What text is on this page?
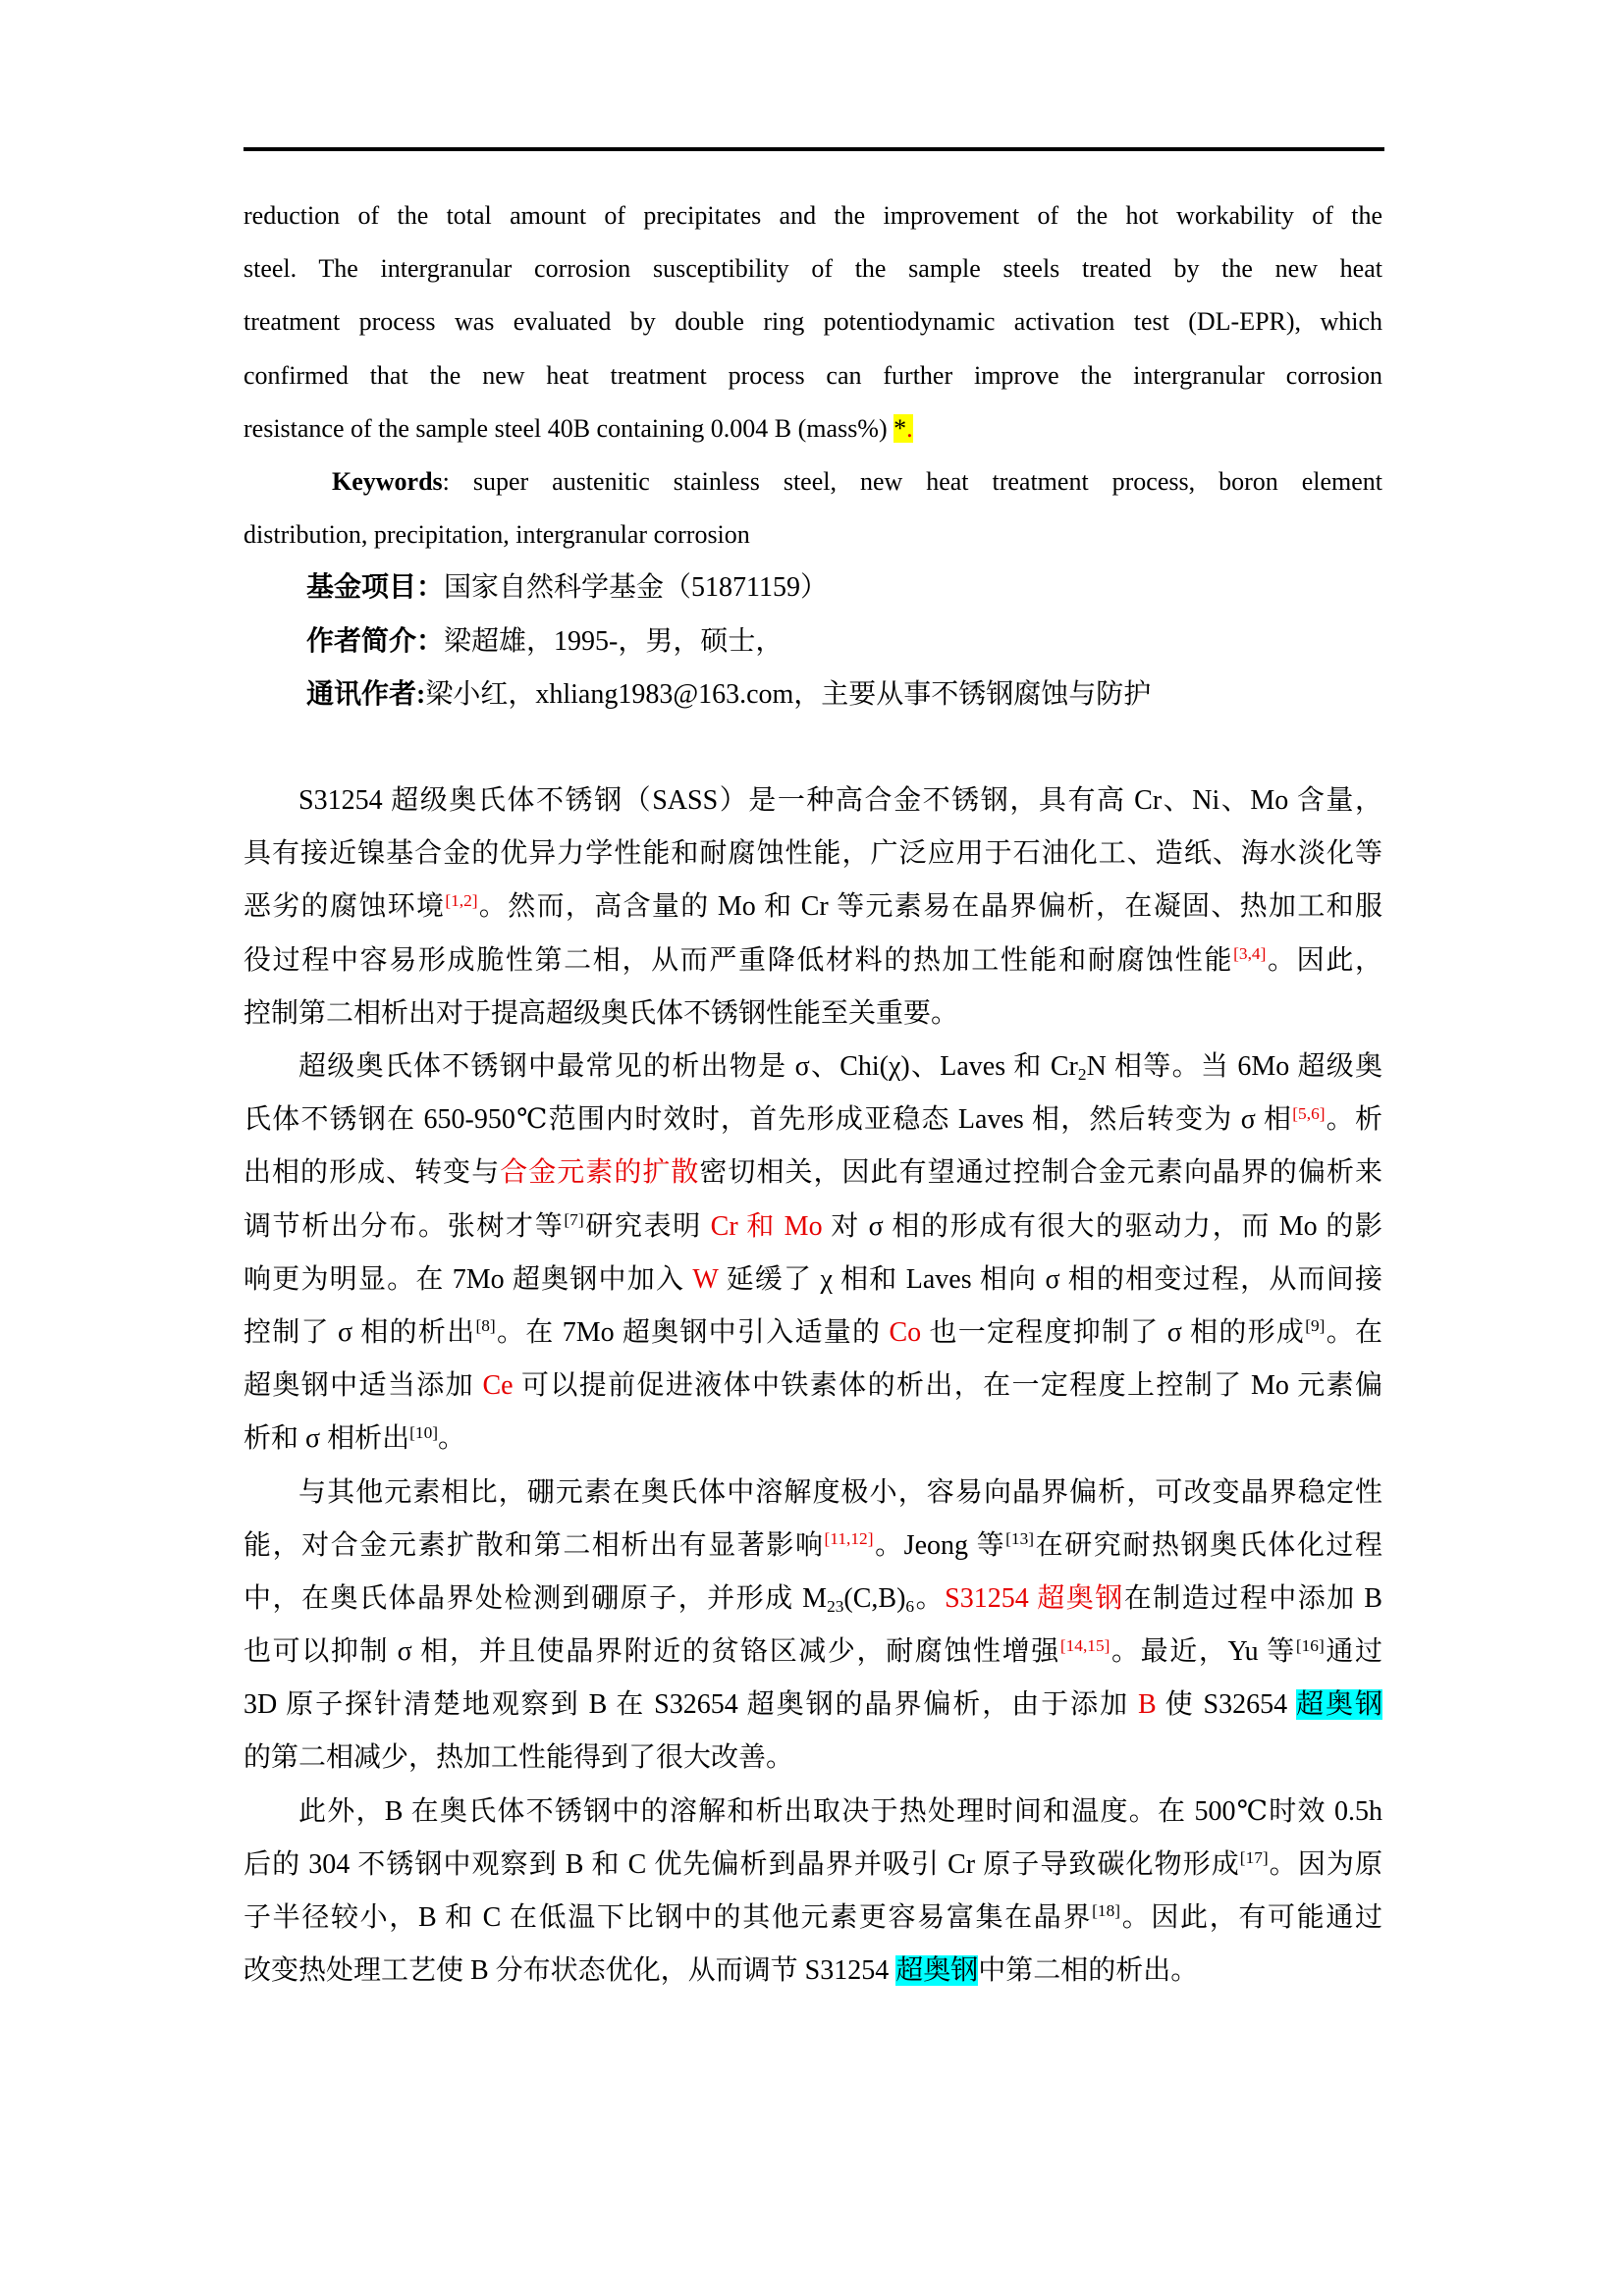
reduction of the total amount of precipitates and the improvement of the hot workability of the
steel. The intergranular corrosion susceptibility of the sample steels treated by the new heat
treatment process was evaluated by double ring potentiodynamic activation test (DL-EPR), which
confirmed that the new heat treatment process can further improve the intergranular corrosion
resistance of the sample steel 40B containing 0.004 B (mass%) *.
Keywords: super austenitic stainless steel, new heat treatment process, boron element
distribution, precipitation, intergranular corrosion
基金项目：国家自然科学基金（51871159）
作者简介：梁超雄，1995-，男，硕士，
通讯作者:梁小红，xhliang1983@163.com，主要从事不锈钢腐蚀与防护
S31254 超级奥氏体不锈钢（SASS）是一种高合金不锈钢，具有高 Cr、Ni、Mo 含量，
具有接近镍基合金的优异力学性能和耐腐蚀性能，广泛应用于石油化工、造纸、海水淡化等
恶劣的腐蚀环境[1,2]。然而，高含量的 Mo 和 Cr 等元素易在晶界偏析，在凝固、热加工和服
役过程中容易形成脆性第二相，从而严重降低材料的热加工性能和耐腐蚀性能[3,4]。因此，
控制第二相析出对于提高超级奥氏体不锈钢性能至关重要。
超级奥氏体不锈钢中最常见的析出物是 σ、Chi(χ)、Laves 和 Cr2N 相等。当 6Mo 超级奥
氏体不锈钢在 650-950℃范围内时效时，首先形成亚稳态 Laves 相，然后转变为 σ 相[5,6]。析
出相的形成、转变与合金元素的扩散密切相关，因此有望通过控制合金元素向晶界的偏析来
调节析出分布。张树才等[7]研究表明 Cr 和 Mo 对 σ 相的形成有很大的驱动力，而 Mo 的影
响更为明显。在 7Mo 超奥钢中加入 W 延缓了 χ 相和 Laves 相向 σ 相的相变过程，从而间接
控制了 σ 相的析出[8]。在 7Mo 超奥钢中引入适量的 Co 也一定程度抑制了 σ 相的形成[9]。在
超奥钢中适当添加 Ce 可以提前促进液体中铁素体的析出，在一定程度上控制了 Mo 元素偏
析和 σ 相析出[10]。
与其他元素相比，硼元素在奥氏体中溶解度极小，容易向晶界偏析，可改变晶界稳定性
能，对合金元素扩散和第二相析出有显著影响[11,12]。Jeong 等[13]在研究耐热钢奥氏体化过程
中，在奥氏体晶界处检测到硼原子，并形成 M23(C,B)6。S31254 超奥钢在制造过程中添加 B
也可以抑制 σ 相，并且使晶界附近的贫铬区减少，耐腐蚀性增强[14,15]。最近，Yu 等[16]通过
3D 原子探针清楚地观察到 B 在 S32654 超奥钢的晶界偏析，由于添加 B 使 S32654 超奥钢
的第二相减少，热加工性能得到了很大改善。
此外，B 在奥氏体不锈钢中的溶解和析出取决于热处理时间和温度。在 500℃时效 0.5h
后的 304 不锈钢中观察到 B 和 C 优先偏析到晶界并吸引 Cr 原子导致碳化物形成[17]。因为原
子半径较小，B 和 C 在低温下比钢中的其他元素更容易富集在晶界[18]。因此，有可能通过
改变热处理工艺使 B 分布状态优化，从而调节 S31254 超奥钢中第二相的析出。
